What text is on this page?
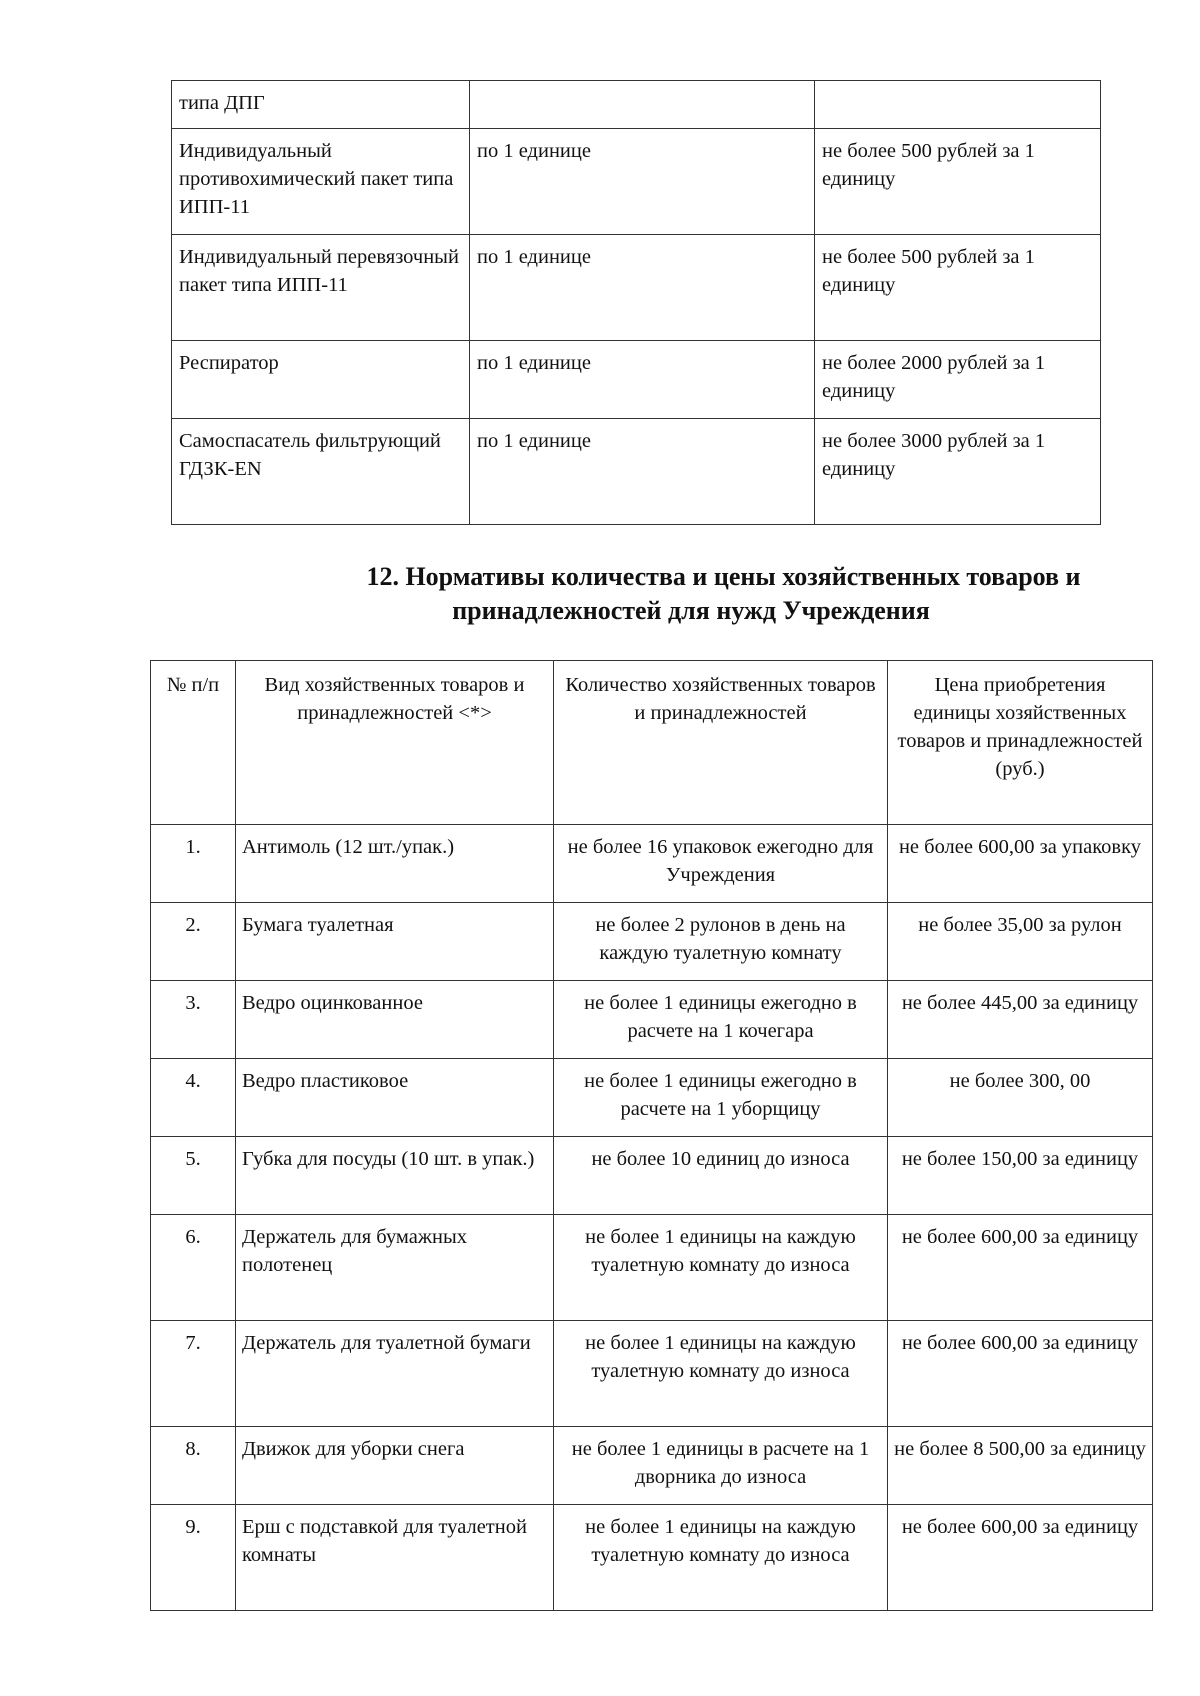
типа ДПГ		
Индивидуальный противохимический пакет типа ИПП-11	по 1 единице	не более 500 рублей за 1 единицу
Индивидуальный перевязочный пакет типа ИПП-11	по 1 единице	не более 500 рублей за 1 единицу
Респиратор	по 1 единице	не более 2000 рублей за 1 единицу
Самоспасатель фильтрующий ГДЗК-EN	по 1 единице	не более 3000 рублей за 1 единицу
12. Нормативы количества и цены хозяйственных товаров и
принадлежностей для нужд Учреждения
№ п/п	Вид хозяйственных товаров и принадлежностей <*>	Количество хозяйственных товаров и принадлежностей	Цена приобретения единицы хозяйственных товаров и принадлежностей (руб.)
1.	Антимоль (12 шт./упак.)	не более 16 упаковок ежегодно для Учреждения	не более 600,00 за упаковку
2.	Бумага туалетная	не более 2 рулонов в день на каждую туалетную комнату	не более 35,00 за рулон
3.	Ведро оцинкованное	не более 1 единицы ежегодно в расчете на 1 кочегара	не более 445,00 за единицу
4.	Ведро пластиковое	не более 1 единицы ежегодно в расчете на 1 уборщицу	не более 300, 00
5.	Губка для посуды (10 шт. в упак.)	не более 10 единиц до износа	не более 150,00 за единицу
6.	Держатель для бумажных полотенец	не более 1 единицы на каждую туалетную комнату до износа	не более 600,00 за единицу
7.	Держатель для туалетной бумаги	не более 1 единицы на каждую туалетную комнату до износа	не более 600,00 за единицу
8.	Движок для уборки снега	не более 1 единицы в расчете на 1 дворника до износа	не более 8 500,00 за единицу
9.	Ерш с подставкой для туалетной комнаты	не более 1 единицы на каждую туалетную комнату до износа	не более 600,00 за единицу
